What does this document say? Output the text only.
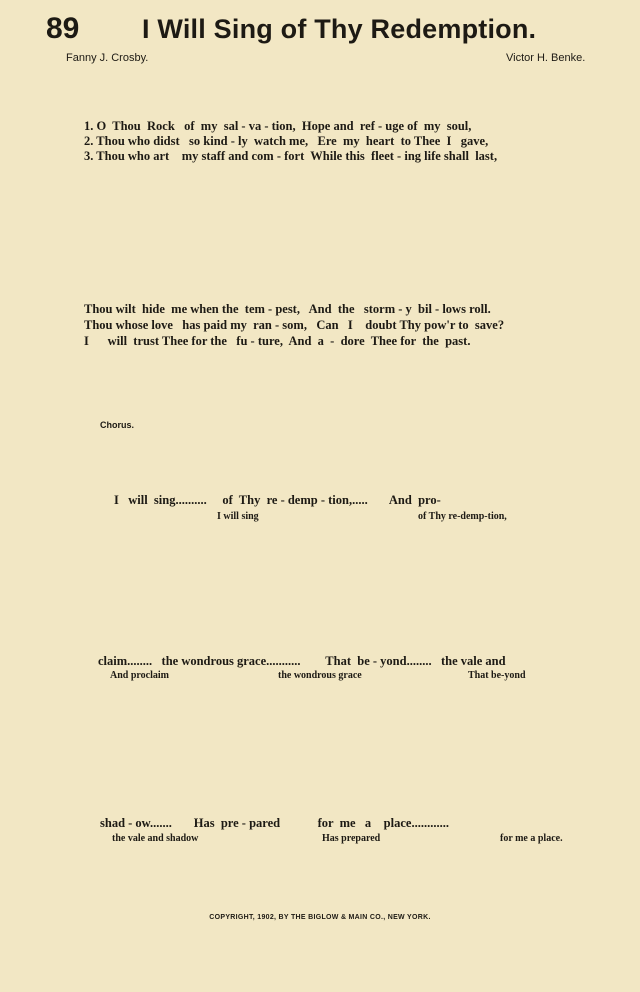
89 I Will Sing of Thy Redemption.
Fanny J. Crosby.	Victor H. Benke.
1. O  Thou  Rock   of  my  sal - va - tion,  Hope and  ref - uge of  my  soul,
2. Thou who didst   so kind - ly  watch me,   Ere  my  heart  to Thee  I   gave,
3. Thou who art    my staff and com - fort  While this  fleet - ing life shall  last,
Thou wilt  hide  me when the  tem - pest,   And  the   storm - y  bil - lows roll.
Thou whose love   has paid my  ran - som,   Can   I    doubt Thy pow'r to  save?
I      will  trust Thee for the   fu - ture,  And  a  -  dore  Thee for  the  past.
Chorus.
I   will  sing..........     of  Thy  re - demp - tion,.....       And  pro-
I will sing	of Thy re-demp-tion,
claim........   the wondrous grace...........        That  be - yond........   the vale and
And proclaim	the wondrous grace	That be-yond
shad - ow.......       Has  pre - pared            for  me   a    place............
the vale and shadow	Has prepared	for me a place.
COPYRIGHT, 1902, BY THE BIGLOW & MAIN CO., NEW YORK.
